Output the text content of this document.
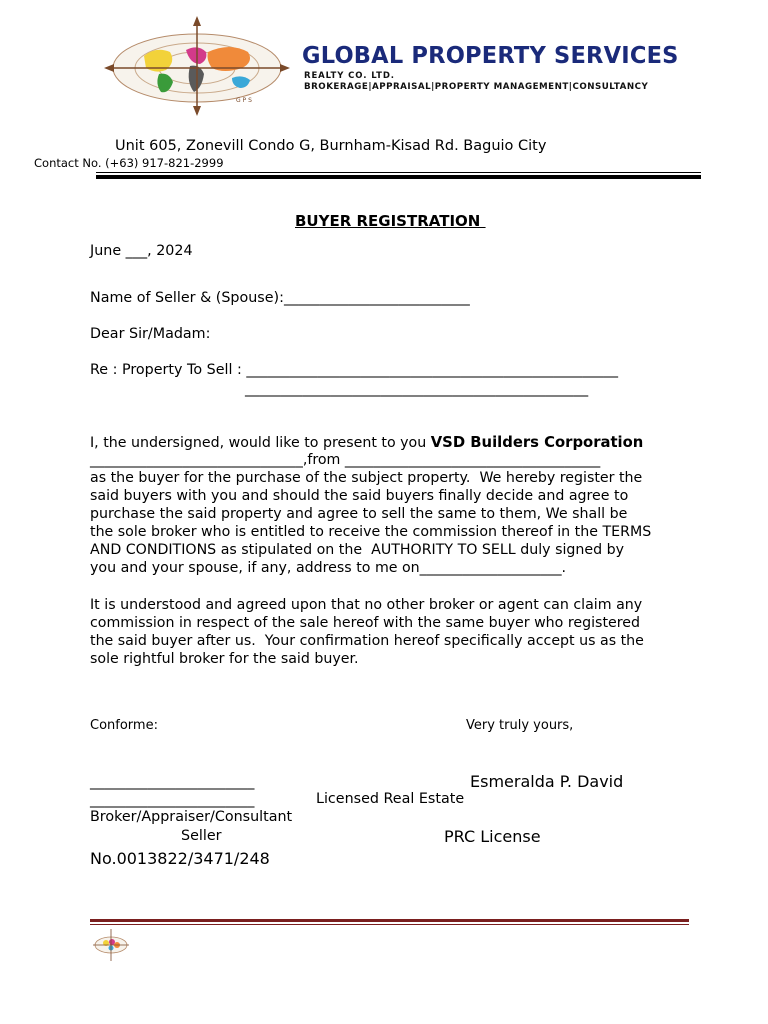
G P S
GLOBAL PROPERTY SERVICES
REALTY CO. LTD.
BROKERAGE|APPRAISAL|PROPERTY MANAGEMENT|CONSULTANCY
Unit 605, Zonevill Condo G, Burnham-Kisad Rd. Baguio City
Contact No. (+63) 917-821-2999
BUYER REGISTRATION
June ___, 2024
Name of Seller & (Spouse):__________________________
Dear Sir/Madam:
Re : Property To Sell : ____________________________________________________
________________________________________________
I, the undersigned, would like to present to you VSD Builders Corporation
______________________________,from ____________________________________
as the buyer for the purchase of the subject property.  We hereby register the
said buyers with you and should the said buyers finally decide and agree to
purchase the said property and agree to sell the same to them, We shall be
the sole broker who is entitled to receive the commission thereof in the TERMS
AND CONDITIONS as stipulated on the  AUTHORITY TO SELL duly signed by
you and your spouse, if any, address to me on____________________.
It is understood and agreed upon that no other broker or agent can claim any
commission in respect of the sale hereof with the same buyer who registered
the said buyer after us.  Your confirmation hereof specifically accept us as the
sole rightful broker for the said buyer.
Conforme:	Very truly yours,
_______________________	Esmeralda P. David
_______________________	Licensed Real Estate
Broker/Appraiser/Consultant
Seller	PRC License
No.0013822/3471/248
